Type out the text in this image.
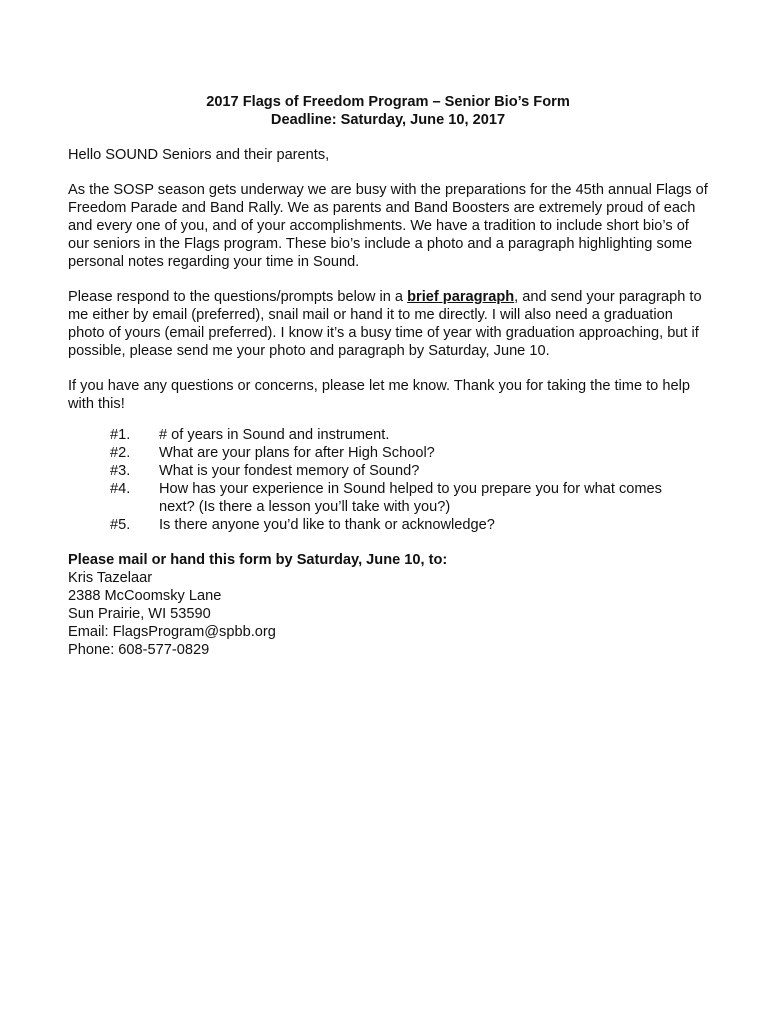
2017 Flags of Freedom Program – Senior Bio’s Form
Deadline: Saturday, June 10, 2017

Hello SOUND Seniors and their parents,

As the SOSP season gets underway we are busy with the preparations for the 45th annual Flags of Freedom Parade and Band Rally. We as parents and Band Boosters are extremely proud of each and every one of you, and of your accomplishments. We have a tradition to include short bio’s of our seniors in the Flags program. These bio’s include a photo and a paragraph highlighting some personal notes regarding your time in Sound.

Please respond to the questions/prompts below in a brief paragraph, and send your paragraph to me either by email (preferred), snail mail or hand it to me directly. I will also need a graduation photo of yours (email preferred). I know it’s a busy time of year with graduation approaching, but if possible, please send me your photo and paragraph by Saturday, June 10.

If you have any questions or concerns, please let me know. Thank you for taking the time to help with this!

#1.	# of years in Sound and instrument.
#2.	What are your plans for after High School?
#3.	What is your fondest memory of Sound?
#4.	How has your experience in Sound helped to you prepare you for what comes next? (Is there a lesson you’ll take with you?)
#5.	Is there anyone you’d like to thank or acknowledge?
Please mail or hand this form by Saturday, June 10, to:
Kris Tazelaar
2388 McCoomsky Lane
Sun Prairie, WI 53590
Email: FlagsProgram@spbb.org
Phone: 608-577-0829
